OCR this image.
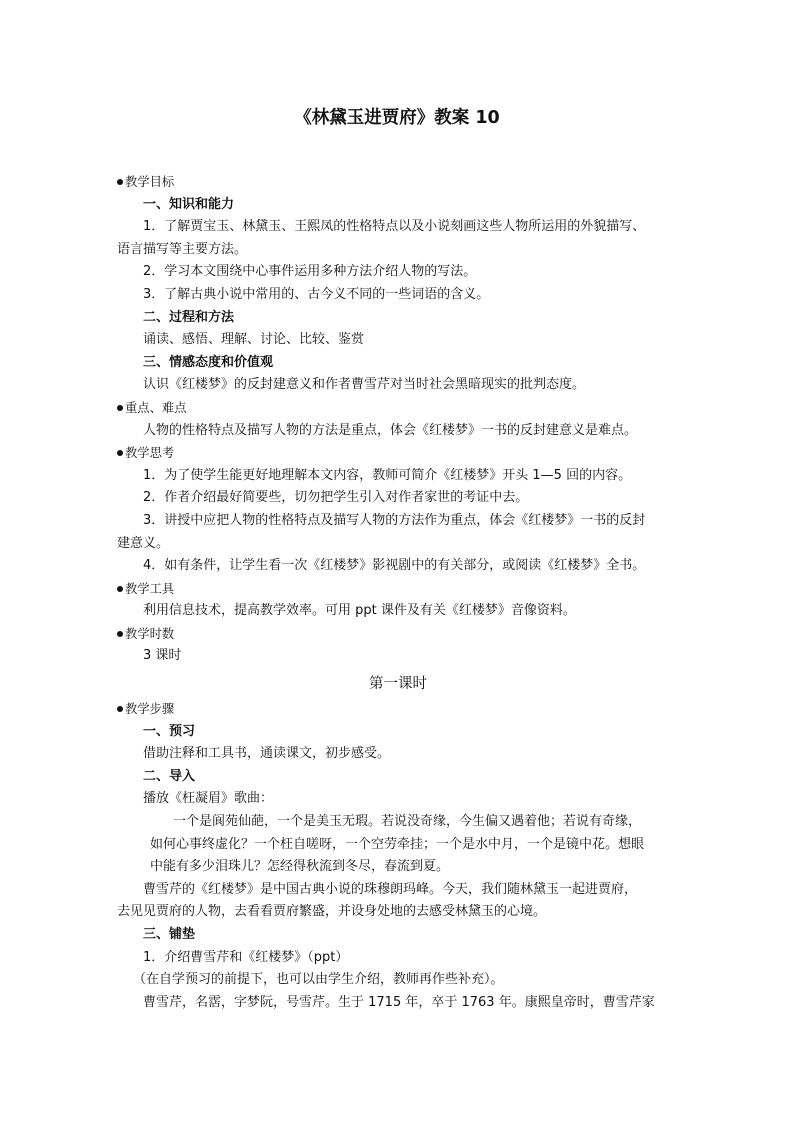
《林黛玉进贾府》教案 10
教学目标
一、知识和能力
1．了解贾宝玉、林黛玉、王熙凤的性格特点以及小说刻画这些人物所运用的外貌描写、
语言描写等主要方法。
2．学习本文围绕中心事件运用多种方法介绍人物的写法。
3．了解古典小说中常用的、古今义不同的一些词语的含义。
二、过程和方法
诵读、感悟、理解、讨论、比较、鉴赏
三、情感态度和价值观
认识《红楼梦》的反封建意义和作者曹雪芹对当时社会黑暗现实的批判态度。
重点、难点
人物的性格特点及描写人物的方法是重点，体会《红楼梦》一书的反封建意义是难点。
教学思考
1．为了使学生能更好地理解本文内容，教师可简介《红楼梦》开头 1—5 回的内容。
2．作者介绍最好简要些，切勿把学生引入对作者家世的考证中去。
3．讲授中应把人物的性格特点及描写人物的方法作为重点，体会《红楼梦》一书的反封
建意义。
4．如有条件，让学生看一次《红楼梦》影视剧中的有关部分，或阅读《红楼梦》全书。
教学工具
利用信息技术，提高教学效率。可用 ppt 课件及有关《红楼梦》音像资料。
教学时数
3 课时
第一课时
教学步骤
一、预习
借助注释和工具书，通读课文，初步感受。
二、导入
播放《枉凝眉》歌曲：
一个是阆苑仙葩，一个是美玉无瑕。若说没奇缘，今生偏又遇着他；若说有奇缘，
如何心事终虚化？一个枉自嗟呀，一个空劳牵挂；一个是水中月，一个是镜中花。想眼
中能有多少泪珠儿？怎经得秋流到冬尽，春流到夏。
曹雪芹的《红楼梦》是中国古典小说的珠穆朗玛峰。今天，我们随林黛玉一起进贾府，
去见见贾府的人物，去看看贾府繁盛，并设身处地的去感受林黛玉的心境。
三、铺垫
1．介绍曹雪芹和《红楼梦》（ppt）
（在自学预习的前提下，也可以由学生介绍，教师再作些补充）。
曹雪芹，名霑，字梦阮，号雪芹。生于 1715 年，卒于 1763 年。康熙皇帝时，曹雪芹家
